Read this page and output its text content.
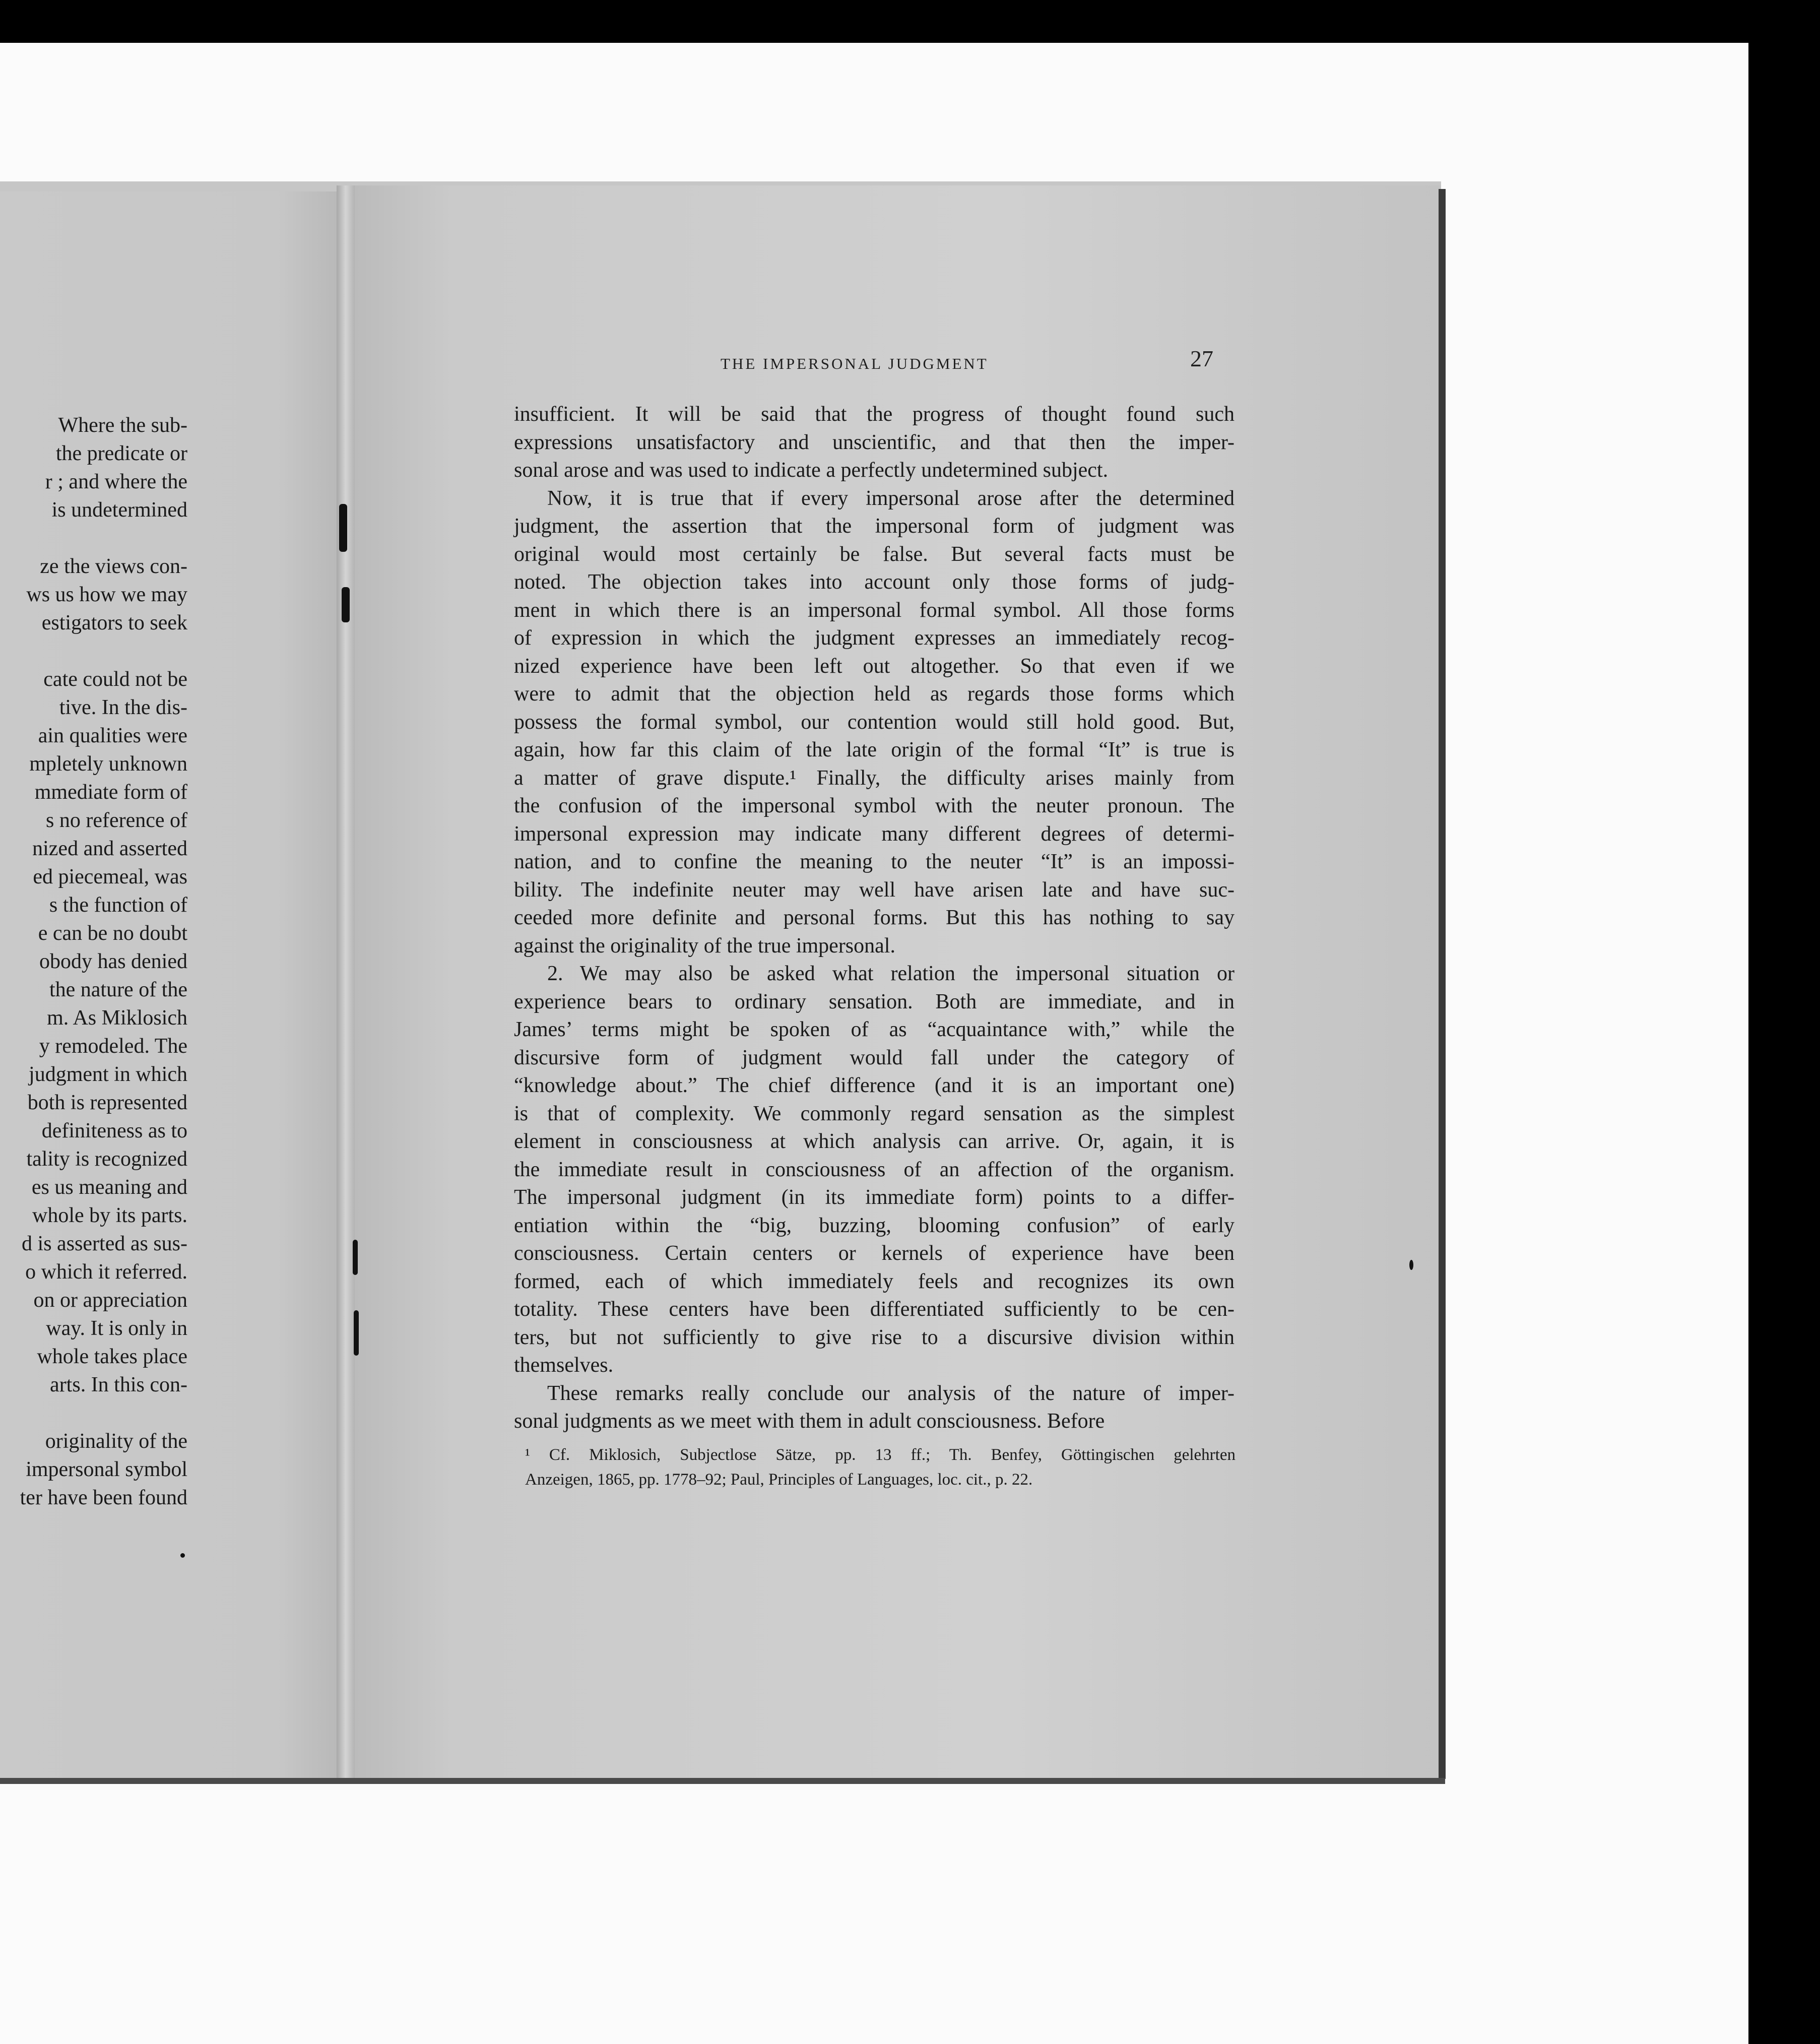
Where the sub-
the predicate or
r ; and where the
is undetermined
ze the views con-
ws us how we may
estigators to seek
cate could not be
tive. In the dis-
ain qualities were
mpletely unknown
mmediate form of
s no reference of
nized and asserted
ed piecemeal, was
s the function of
e can be no doubt
obody has denied
the nature of the
m. As Miklosich
y remodeled. The
judgment in which
both is represented
definiteness as to
tality is recognized
es us meaning and
whole by its parts.
d is asserted as sus-
o which it referred.
on or appreciation
way. It is only in
whole takes place
arts. In this con-
originality of the
impersonal symbol
ter have been found
THE IMPERSONAL JUDGMENT	27
insufficient. It will be said that the progress of thought found such
expressions unsatisfactory and unscientific, and that then the imper-
sonal arose and was used to indicate a perfectly undetermined subject.
Now, it is true that if every impersonal arose after the determined
judgment, the assertion that the impersonal form of judgment was
original would most certainly be false. But several facts must be
noted. The objection takes into account only those forms of judg-
ment in which there is an impersonal formal symbol. All those forms
of expression in which the judgment expresses an immediately recog-
nized experience have been left out altogether. So that even if we
were to admit that the objection held as regards those forms which
possess the formal symbol, our contention would still hold good. But,
again, how far this claim of the late origin of the formal “It” is true is
a matter of grave dispute.¹ Finally, the difficulty arises mainly from
the confusion of the impersonal symbol with the neuter pronoun. The
impersonal expression may indicate many different degrees of determi-
nation, and to confine the meaning to the neuter “It” is an impossi-
bility. The indefinite neuter may well have arisen late and have suc-
ceeded more definite and personal forms. But this has nothing to say
against the originality of the true impersonal.
2. We may also be asked what relation the impersonal situation or
experience bears to ordinary sensation. Both are immediate, and in
James’ terms might be spoken of as “acquaintance with,” while the
discursive form of judgment would fall under the category of
“knowledge about.” The chief difference (and it is an important one)
is that of complexity. We commonly regard sensation as the simplest
element in consciousness at which analysis can arrive. Or, again, it is
the immediate result in consciousness of an affection of the organism.
The impersonal judgment (in its immediate form) points to a differ-
entiation within the “big, buzzing, blooming confusion” of early
consciousness. Certain centers or kernels of experience have been
formed, each of which immediately feels and recognizes its own
totality. These centers have been differentiated sufficiently to be cen-
ters, but not sufficiently to give rise to a discursive division within
themselves.
These remarks really conclude our analysis of the nature of imper-
sonal judgments as we meet with them in adult consciousness. Before
¹ Cf. Miklosich, Subjectlose Sätze, pp. 13 ff.; Th. Benfey, Göttingischen gelehrten
Anzeigen, 1865, pp. 1778–92; Paul, Principles of Languages, loc. cit., p. 22.
